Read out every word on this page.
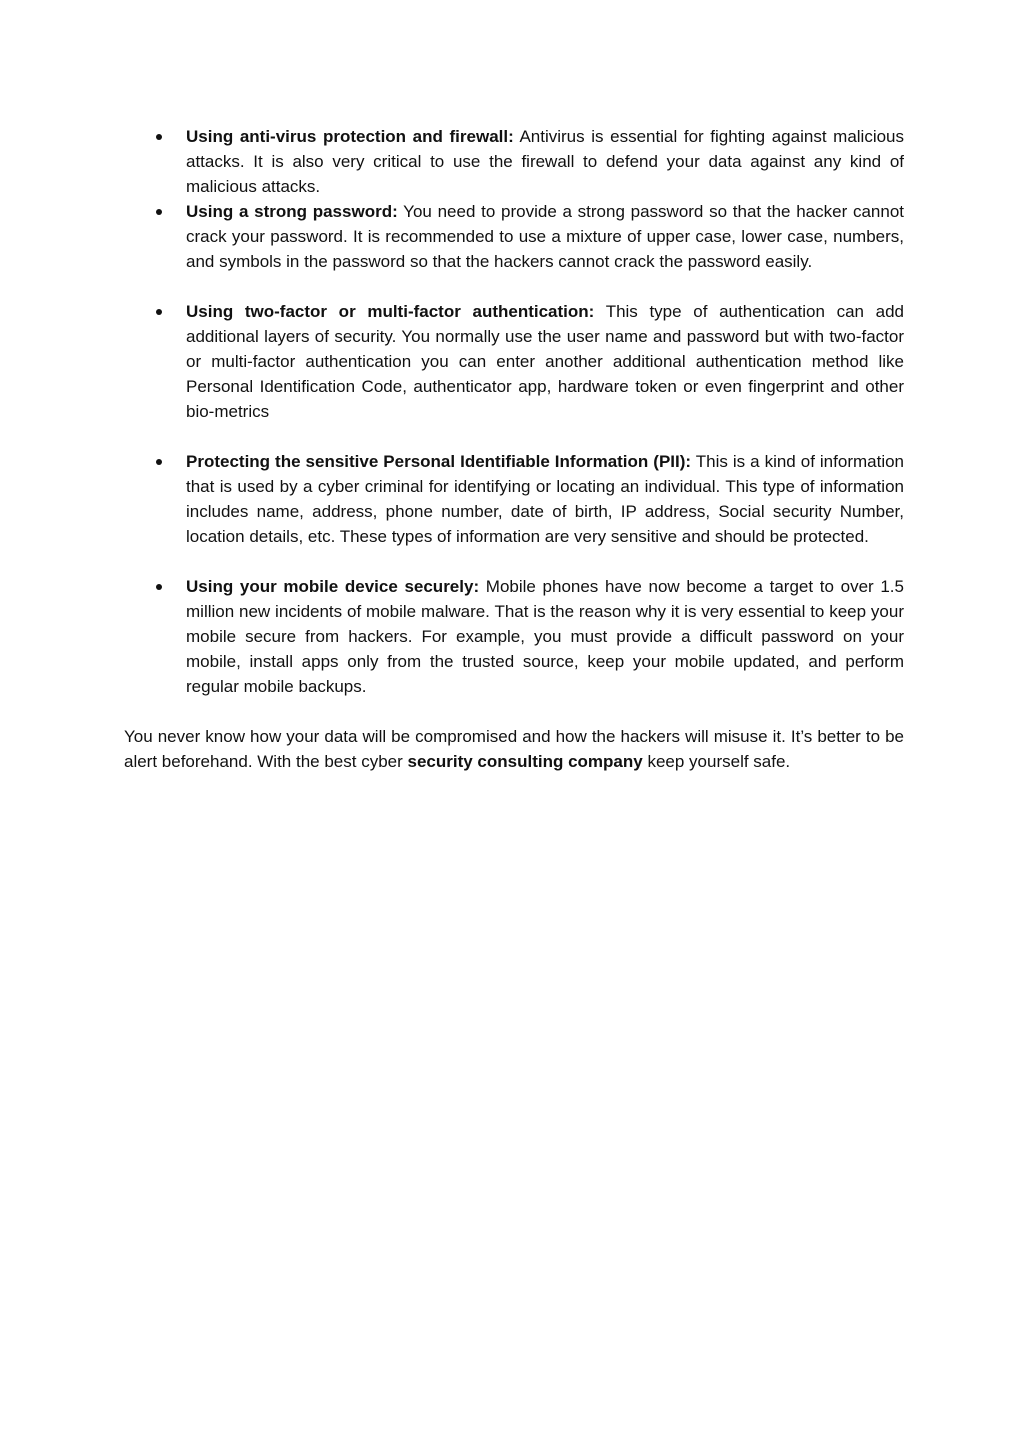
Using anti-virus protection and firewall: Antivirus is essential for fighting against malicious attacks. It is also very critical to use the firewall to defend your data against any kind of malicious attacks.
Using a strong password: You need to provide a strong password so that the hacker cannot crack your password. It is recommended to use a mixture of upper case, lower case, numbers, and symbols in the password so that the hackers cannot crack the password easily.
Using two-factor or multi-factor authentication: This type of authentication can add additional layers of security. You normally use the user name and password but with two-factor or multi-factor authentication you can enter another additional authentication method like Personal Identification Code, authenticator app, hardware token or even fingerprint and other bio-metrics
Protecting the sensitive Personal Identifiable Information (PII): This is a kind of information that is used by a cyber criminal for identifying or locating an individual. This type of information includes name, address, phone number, date of birth, IP address, Social security Number, location details, etc. These types of information are very sensitive and should be protected.
Using your mobile device securely: Mobile phones have now become a target to over 1.5 million new incidents of mobile malware. That is the reason why it is very essential to keep your mobile secure from hackers. For example, you must provide a difficult password on your mobile, install apps only from the trusted source, keep your mobile updated, and perform regular mobile backups.

You never know how your data will be compromised and how the hackers will misuse it. It’s better to be alert beforehand. With the best cyber security consulting company keep yourself safe.
